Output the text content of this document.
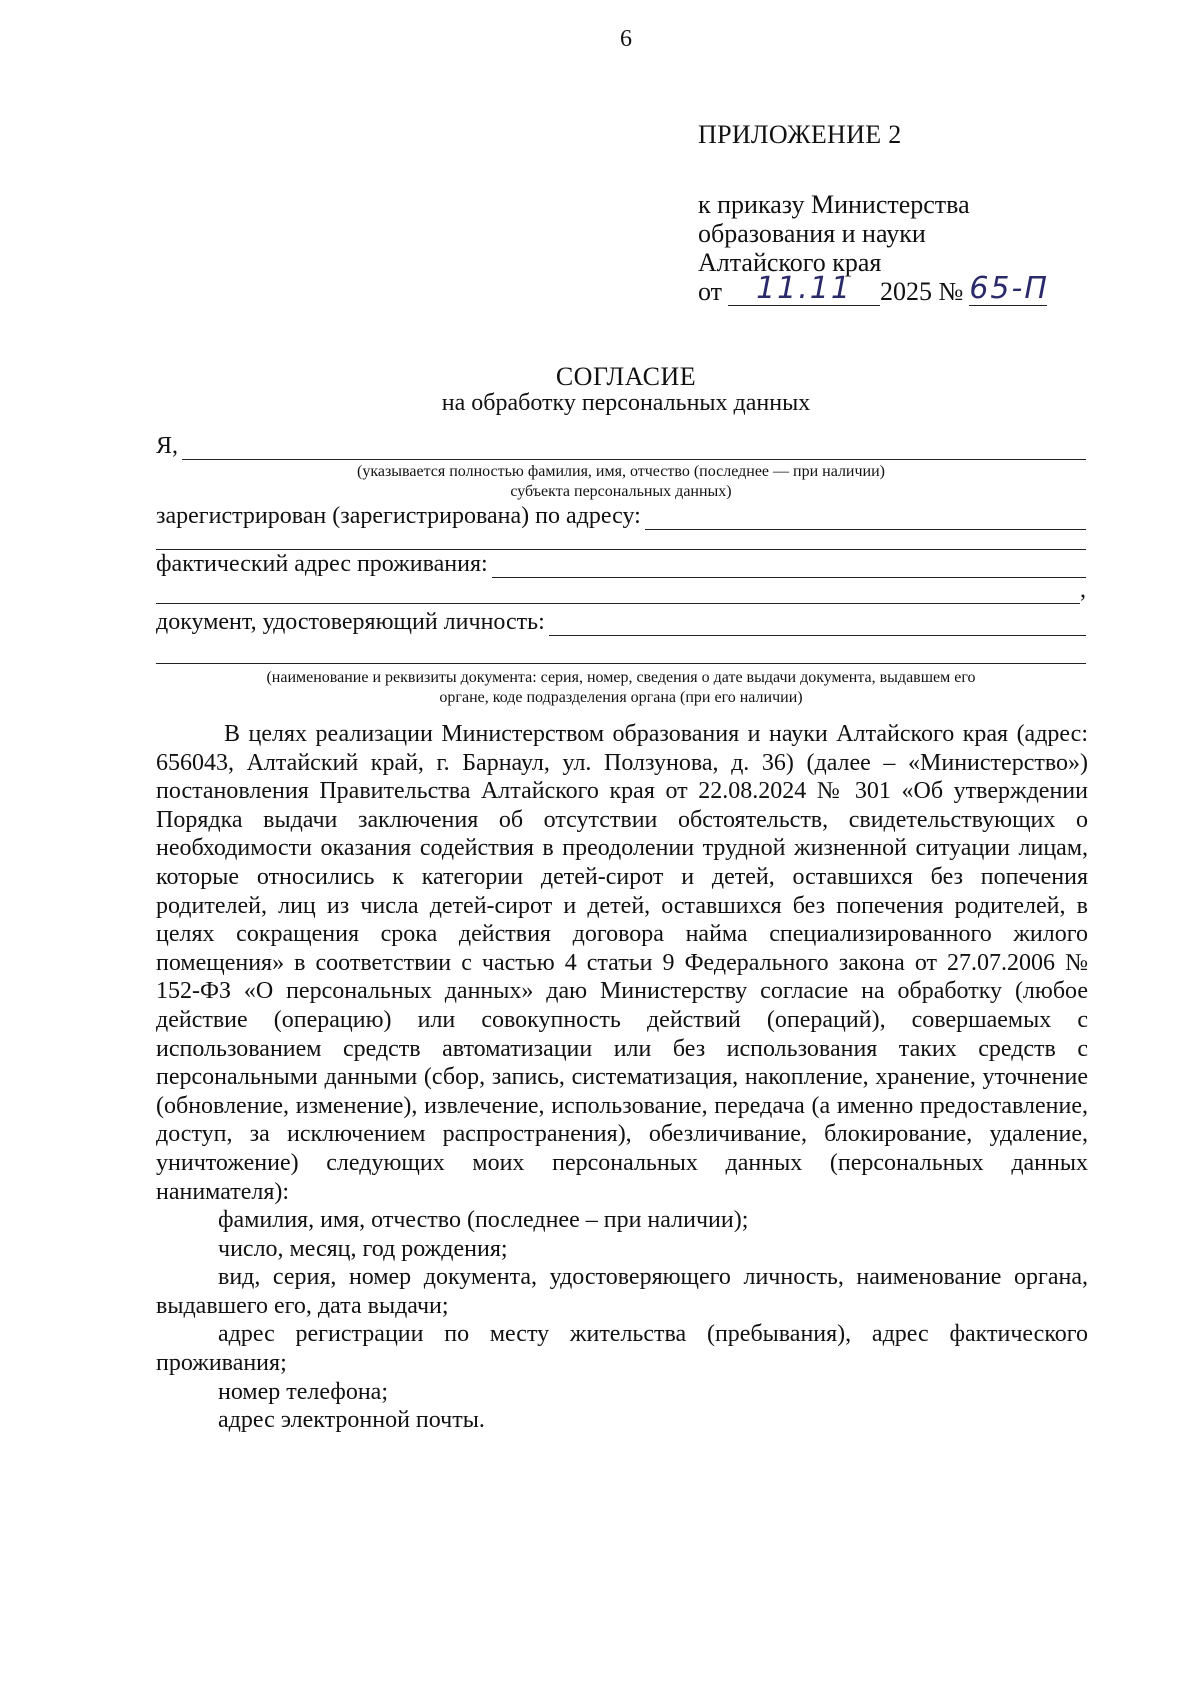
6
ПРИЛОЖЕНИЕ 2
к приказу Министерства
образования и науки
Алтайского края
от	11.11	2025 № 65-П
СОГЛАСИЕ
на обработку персональных данных
Я,
(указывается полностью фамилия, имя, отчество (последнее — при наличии)
субъекта персональных данных)
зарегистрирован (зарегистрирована) по адресу:
фактический адрес проживания:
,
документ, удостоверяющий личность:
(наименование и реквизиты документа: серия, номер, сведения о дате выдачи документа, выдавшем его
органе, коде подразделения органа (при его наличии)

В целях реализации Министерством образования и науки Алтайского края (адрес: 656043, Алтайский край, г. Барнаул, ул. Ползунова, д. 36) (далее – «Министерство») постановления Правительства Алтайского края от 22.08.2024 № 301 «Об утверждении Порядка выдачи заключения об отсутствии обстоятельств, свидетельствующих о необходимости оказания содействия в преодолении трудной жизненной ситуации лицам, которые относились к категории детей-сирот и детей, оставшихся без попечения родителей, лиц из числа детей-сирот и детей, оставшихся без попечения родителей, в целях сокращения срока действия договора найма специализированного жилого помещения» в соответствии с частью 4 статьи 9 Федерального закона от 27.07.2006 № 152-ФЗ «О персональных данных» даю Министерству согласие на обработку (любое действие (операцию) или совокупность действий (операций), совершаемых с использованием средств автоматизации или без использования таких средств с персональными данными (сбор, запись, систематизация, накопление, хранение, уточнение (обновление, изменение), извлечение, использование, передача (а именно предоставление, доступ, за исключением распространения), обезличивание, блокирование, удаление, уничтожение) следующих моих персональных данных (персональных данных нанимателя):

фамилия, имя, отчество (последнее – при наличии);

число, месяц, год рождения;

вид, серия, номер документа, удостоверяющего личность, наименование органа, выдавшего его, дата выдачи;

адрес регистрации по месту жительства (пребывания), адрес фактического проживания;

номер телефона;

адрес электронной почты.
